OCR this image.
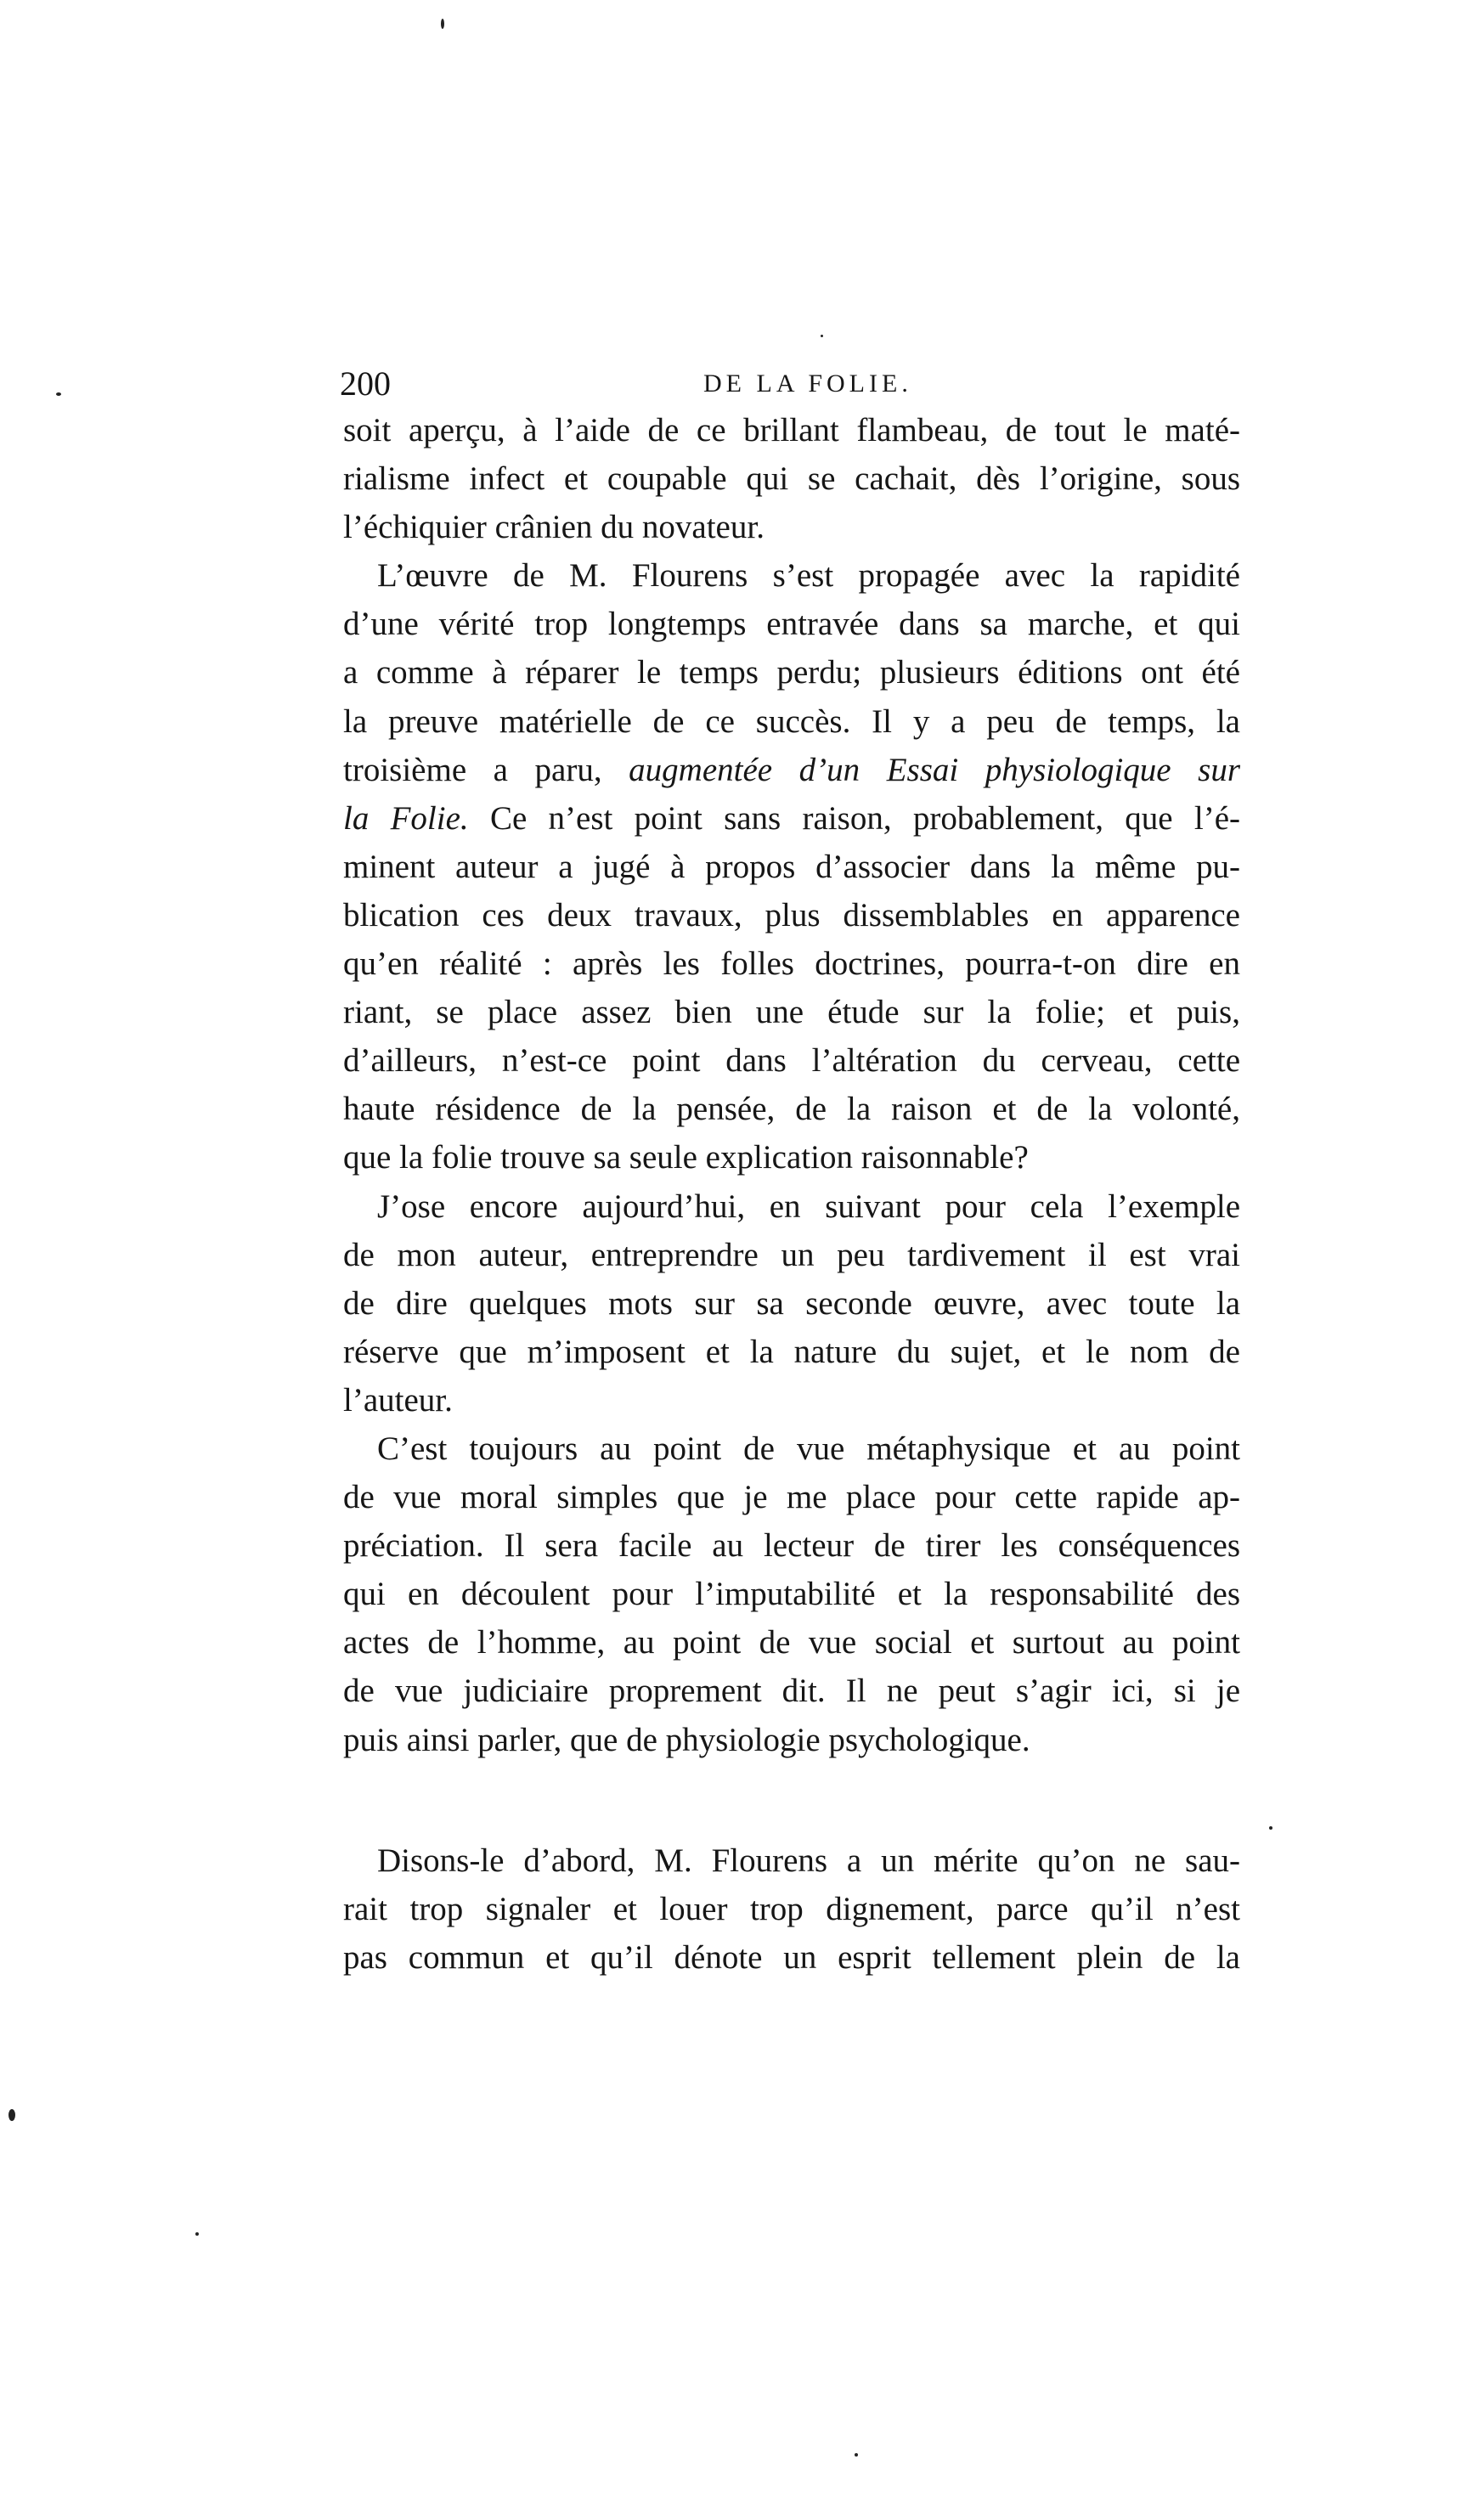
200	DE LA FOLIE.
soit aperçu, à l’aide de ce brillant flambeau, de tout le maté-
rialisme infect et coupable qui se cachait, dès l’origine, sous
l’échiquier crânien du novateur.
L’œuvre de M. Flourens s’est propagée avec la rapidité
d’une vérité trop longtemps entravée dans sa marche, et qui
a comme à réparer le temps perdu; plusieurs éditions ont été
la preuve matérielle de ce succès. Il y a peu de temps, la
troisième a paru, augmentée d’un Essai physiologique sur
la Folie. Ce n’est point sans raison, probablement, que l’é-
minent auteur a jugé à propos d’associer dans la même pu-
blication ces deux travaux, plus dissemblables en apparence
qu’en réalité : après les folles doctrines, pourra-t-on dire en
riant, se place assez bien une étude sur la folie; et puis,
d’ailleurs, n’est-ce point dans l’altération du cerveau, cette
haute résidence de la pensée, de la raison et de la volonté,
que la folie trouve sa seule explication raisonnable?
J’ose encore aujourd’hui, en suivant pour cela l’exemple
de mon auteur, entreprendre un peu tardivement il est vrai
de dire quelques mots sur sa seconde œuvre, avec toute la
réserve que m’imposent et la nature du sujet, et le nom de
l’auteur.
C’est toujours au point de vue métaphysique et au point
de vue moral simples que je me place pour cette rapide ap-
préciation. Il sera facile au lecteur de tirer les conséquences
qui en découlent pour l’imputabilité et la responsabilité des
actes de l’homme, au point de vue social et surtout au point
de vue judiciaire proprement dit. Il ne peut s’agir ici, si je
puis ainsi parler, que de physiologie psychologique.
Disons-le d’abord, M. Flourens a un mérite qu’on ne sau-
rait trop signaler et louer trop dignement, parce qu’il n’est
pas commun et qu’il dénote un esprit tellement plein de la
